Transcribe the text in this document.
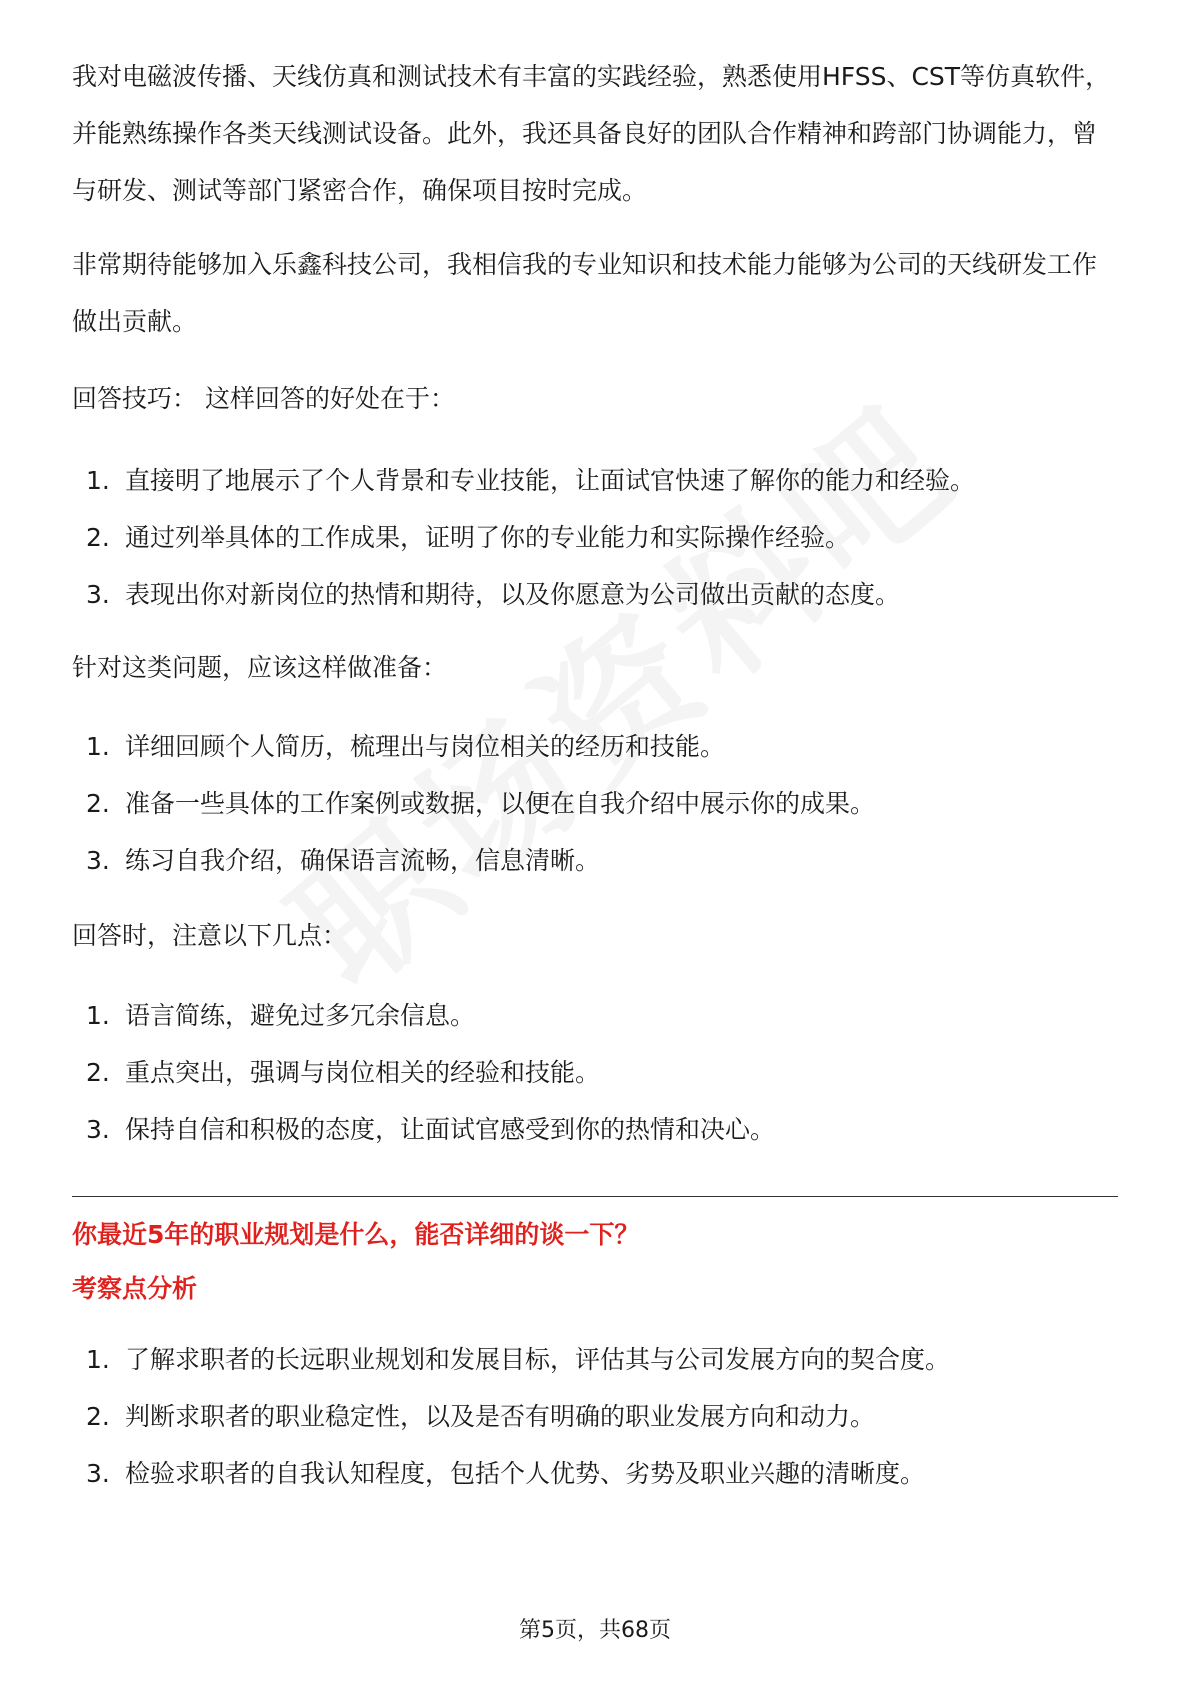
我对电磁波传播、天线仿真和测试技术有丰富的实践经验，熟悉使用HFSS、CST等仿真软件，并能熟练操作各类天线测试设备。此外，我还具备良好的团队合作精神和跨部门协调能力，曾与研发、测试等部门紧密合作，确保项目按时完成。

非常期待能够加入乐鑫科技公司，我相信我的专业知识和技术能力能够为公司的天线研发工作做出贡献。

回答技巧： 这样回答的好处在于：

1. 直接明了地展示了个人背景和专业技能，让面试官快速了解你的能力和经验。
2. 通过列举具体的工作成果，证明了你的专业能力和实际操作经验。
3. 表现出你对新岗位的热情和期待，以及你愿意为公司做出贡献的态度。

针对这类问题，应该这样做准备：

1. 详细回顾个人简历，梳理出与岗位相关的经历和技能。
2. 准备一些具体的工作案例或数据，以便在自我介绍中展示你的成果。
3. 练习自我介绍，确保语言流畅，信息清晰。

回答时，注意以下几点：

1. 语言简练，避免过多冗余信息。
2. 重点突出，强调与岗位相关的经验和技能。
3. 保持自信和积极的态度，让面试官感受到你的热情和决心。

你最近5年的职业规划是什么，能否详细的谈一下？

考察点分析

1. 了解求职者的长远职业规划和发展目标，评估其与公司发展方向的契合度。
2. 判断求职者的职业稳定性，以及是否有明确的职业发展方向和动力。
3. 检验求职者的自我认知程度，包括个人优势、劣势及职业兴趣的清晰度。
第5页，共68页
